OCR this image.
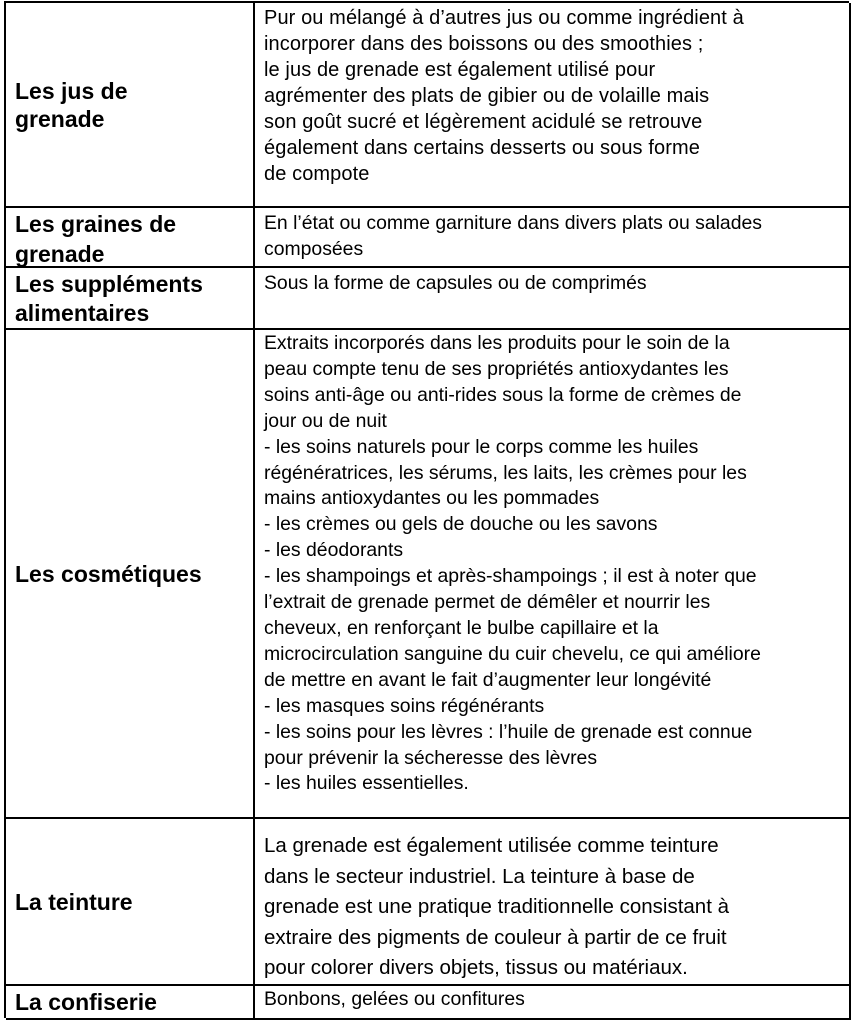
Les jus de
grenade
Pur ou mélangé à d’autres jus ou comme ingrédient à
incorporer dans des boissons ou des smoothies ;
le jus de grenade est également utilisé pour
agrémenter des plats de gibier ou de volaille mais
son goût sucré et légèrement acidulé se retrouve
également dans certains desserts ou sous forme
de compote
Les graines de
grenade
En l’état ou comme garniture dans divers plats ou salades
composées
Les suppléments
alimentaires
Sous la forme de capsules ou de comprimés
Les cosmétiques
Extraits incorporés dans les produits pour le soin de la
peau compte tenu de ses propriétés antioxydantes les
soins anti-âge ou anti-rides sous la forme de crèmes de
jour ou de nuit
- les soins naturels pour le corps comme les huiles
régénératrices, les sérums, les laits, les crèmes pour les
mains antioxydantes ou les pommades
- les crèmes ou gels de douche ou les savons
- les déodorants
- les shampoings et après-shampoings ; il est à noter que
l’extrait de grenade permet de démêler et nourrir les
cheveux, en renforçant le bulbe capillaire et la
microcirculation sanguine du cuir chevelu, ce qui améliore
de mettre en avant le fait d’augmenter leur longévité
- les masques soins régénérants
- les soins pour les lèvres : l’huile de grenade est connue
pour prévenir la sécheresse des lèvres
- les huiles essentielles.
La teinture
La grenade est également utilisée comme teinture
dans le secteur industriel. La teinture à base de
grenade est une pratique traditionnelle consistant à
extraire des pigments de couleur à partir de ce fruit
pour colorer divers objets, tissus ou matériaux.
La confiserie	Bonbons, gelées ou confitures
